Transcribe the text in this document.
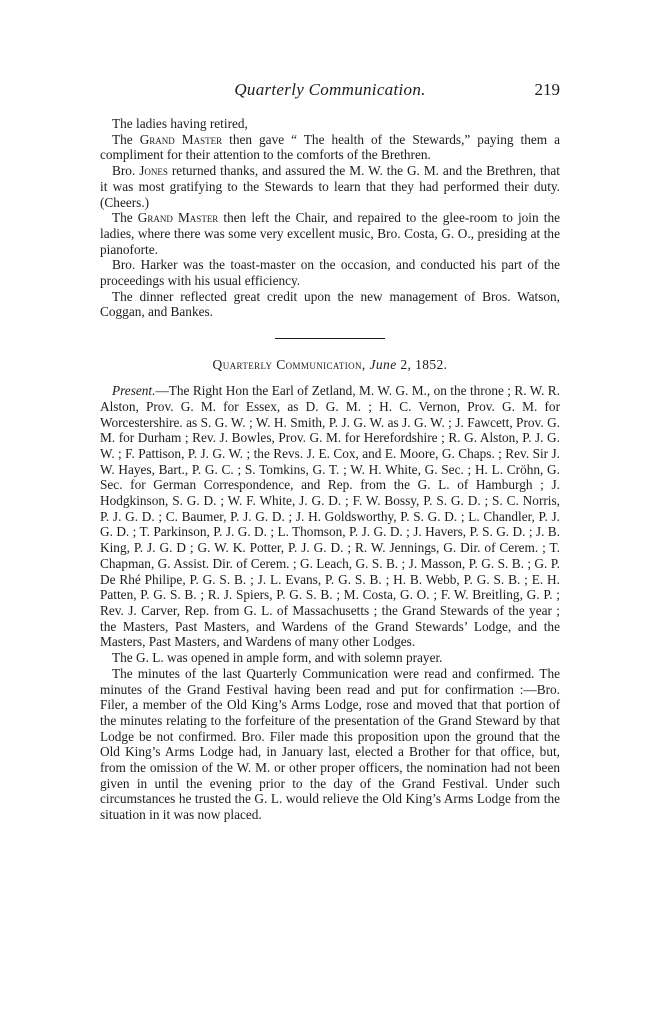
Quarterly Communication.	219

The ladies having retired,

The Grand Master then gave “ The health of the Stewards,” paying them a compliment for their attention to the comforts of the Brethren.

Bro. Jones returned thanks, and assured the M. W. the G. M. and the Brethren, that it was most gratifying to the Stewards to learn that they had performed their duty. (Cheers.)

The Grand Master then left the Chair, and repaired to the glee-room to join the ladies, where there was some very excellent music, Bro. Costa, G. O., presiding at the pianoforte.

Bro. Harker was the toast-master on the occasion, and conducted his part of the proceedings with his usual efficiency.

The dinner reflected great credit upon the new management of Bros. Watson, Coggan, and Bankes.

Quarterly Communication, June 2, 1852.

Present.—The Right Hon the Earl of Zetland, M. W. G. M., on the throne ; R. W. R. Alston, Prov. G. M. for Essex, as D. G. M. ; H. C. Vernon, Prov. G. M. for Worcestershire. as S. G. W. ; W. H. Smith, P. J. G. W. as J. G. W. ; J. Fawcett, Prov. G. M. for Durham ; Rev. J. Bowles, Prov. G. M. for Herefordshire ; R. G. Alston, P. J. G. W. ; F. Pattison, P. J. G. W. ; the Revs. J. E. Cox, and E. Moore, G. Chaps. ; Rev. Sir J. W. Hayes, Bart., P. G. C. ; S. Tomkins, G. T. ; W. H. White, G. Sec. ; H. L. Cröhn, G. Sec. for German Correspondence, and Rep. from the G. L. of Hamburgh ; J. Hodgkinson, S. G. D. ; W. F. White, J. G. D. ; F. W. Bossy, P. S. G. D. ; S. C. Norris, P. J. G. D. ; C. Baumer, P. J. G. D. ; J. H. Goldsworthy, P. S. G. D. ; L. Chandler, P. J. G. D. ; T. Parkinson, P. J. G. D. ; L. Thomson, P. J. G. D. ; J. Havers, P. S. G. D. ; J. B. King, P. J. G. D ; G. W. K. Potter, P. J. G. D. ; R. W. Jennings, G. Dir. of Cerem. ; T. Chapman, G. Assist. Dir. of Cerem. ; G. Leach, G. S. B. ; J. Masson, P. G. S. B. ; G. P. De Rhé Philipe, P. G. S. B. ; J. L. Evans, P. G. S. B. ; H. B. Webb, P. G. S. B. ; E. H. Patten, P. G. S. B. ; R. J. Spiers, P. G. S. B. ; M. Costa, G. O. ; F. W. Breitling, G. P. ; Rev. J. Carver, Rep. from G. L. of Massachusetts ; the Grand Stewards of the year ; the Masters, Past Masters, and Wardens of the Grand Stewards’ Lodge, and the Masters, Past Masters, and Wardens of many other Lodges.

The G. L. was opened in ample form, and with solemn prayer.

The minutes of the last Quarterly Communication were read and confirmed. The minutes of the Grand Festival having been read and put for confirmation :—Bro. Filer, a member of the Old King’s Arms Lodge, rose and moved that that portion of the minutes relating to the forfeiture of the presentation of the Grand Steward by that Lodge be not confirmed. Bro. Filer made this proposition upon the ground that the Old King’s Arms Lodge had, in January last, elected a Brother for that office, but, from the omission of the W. M. or other proper officers, the nomination had not been given in until the evening prior to the day of the Grand Festival. Under such circumstances he trusted the G. L. would relieve the Old King’s Arms Lodge from the situation in it was now placed.
